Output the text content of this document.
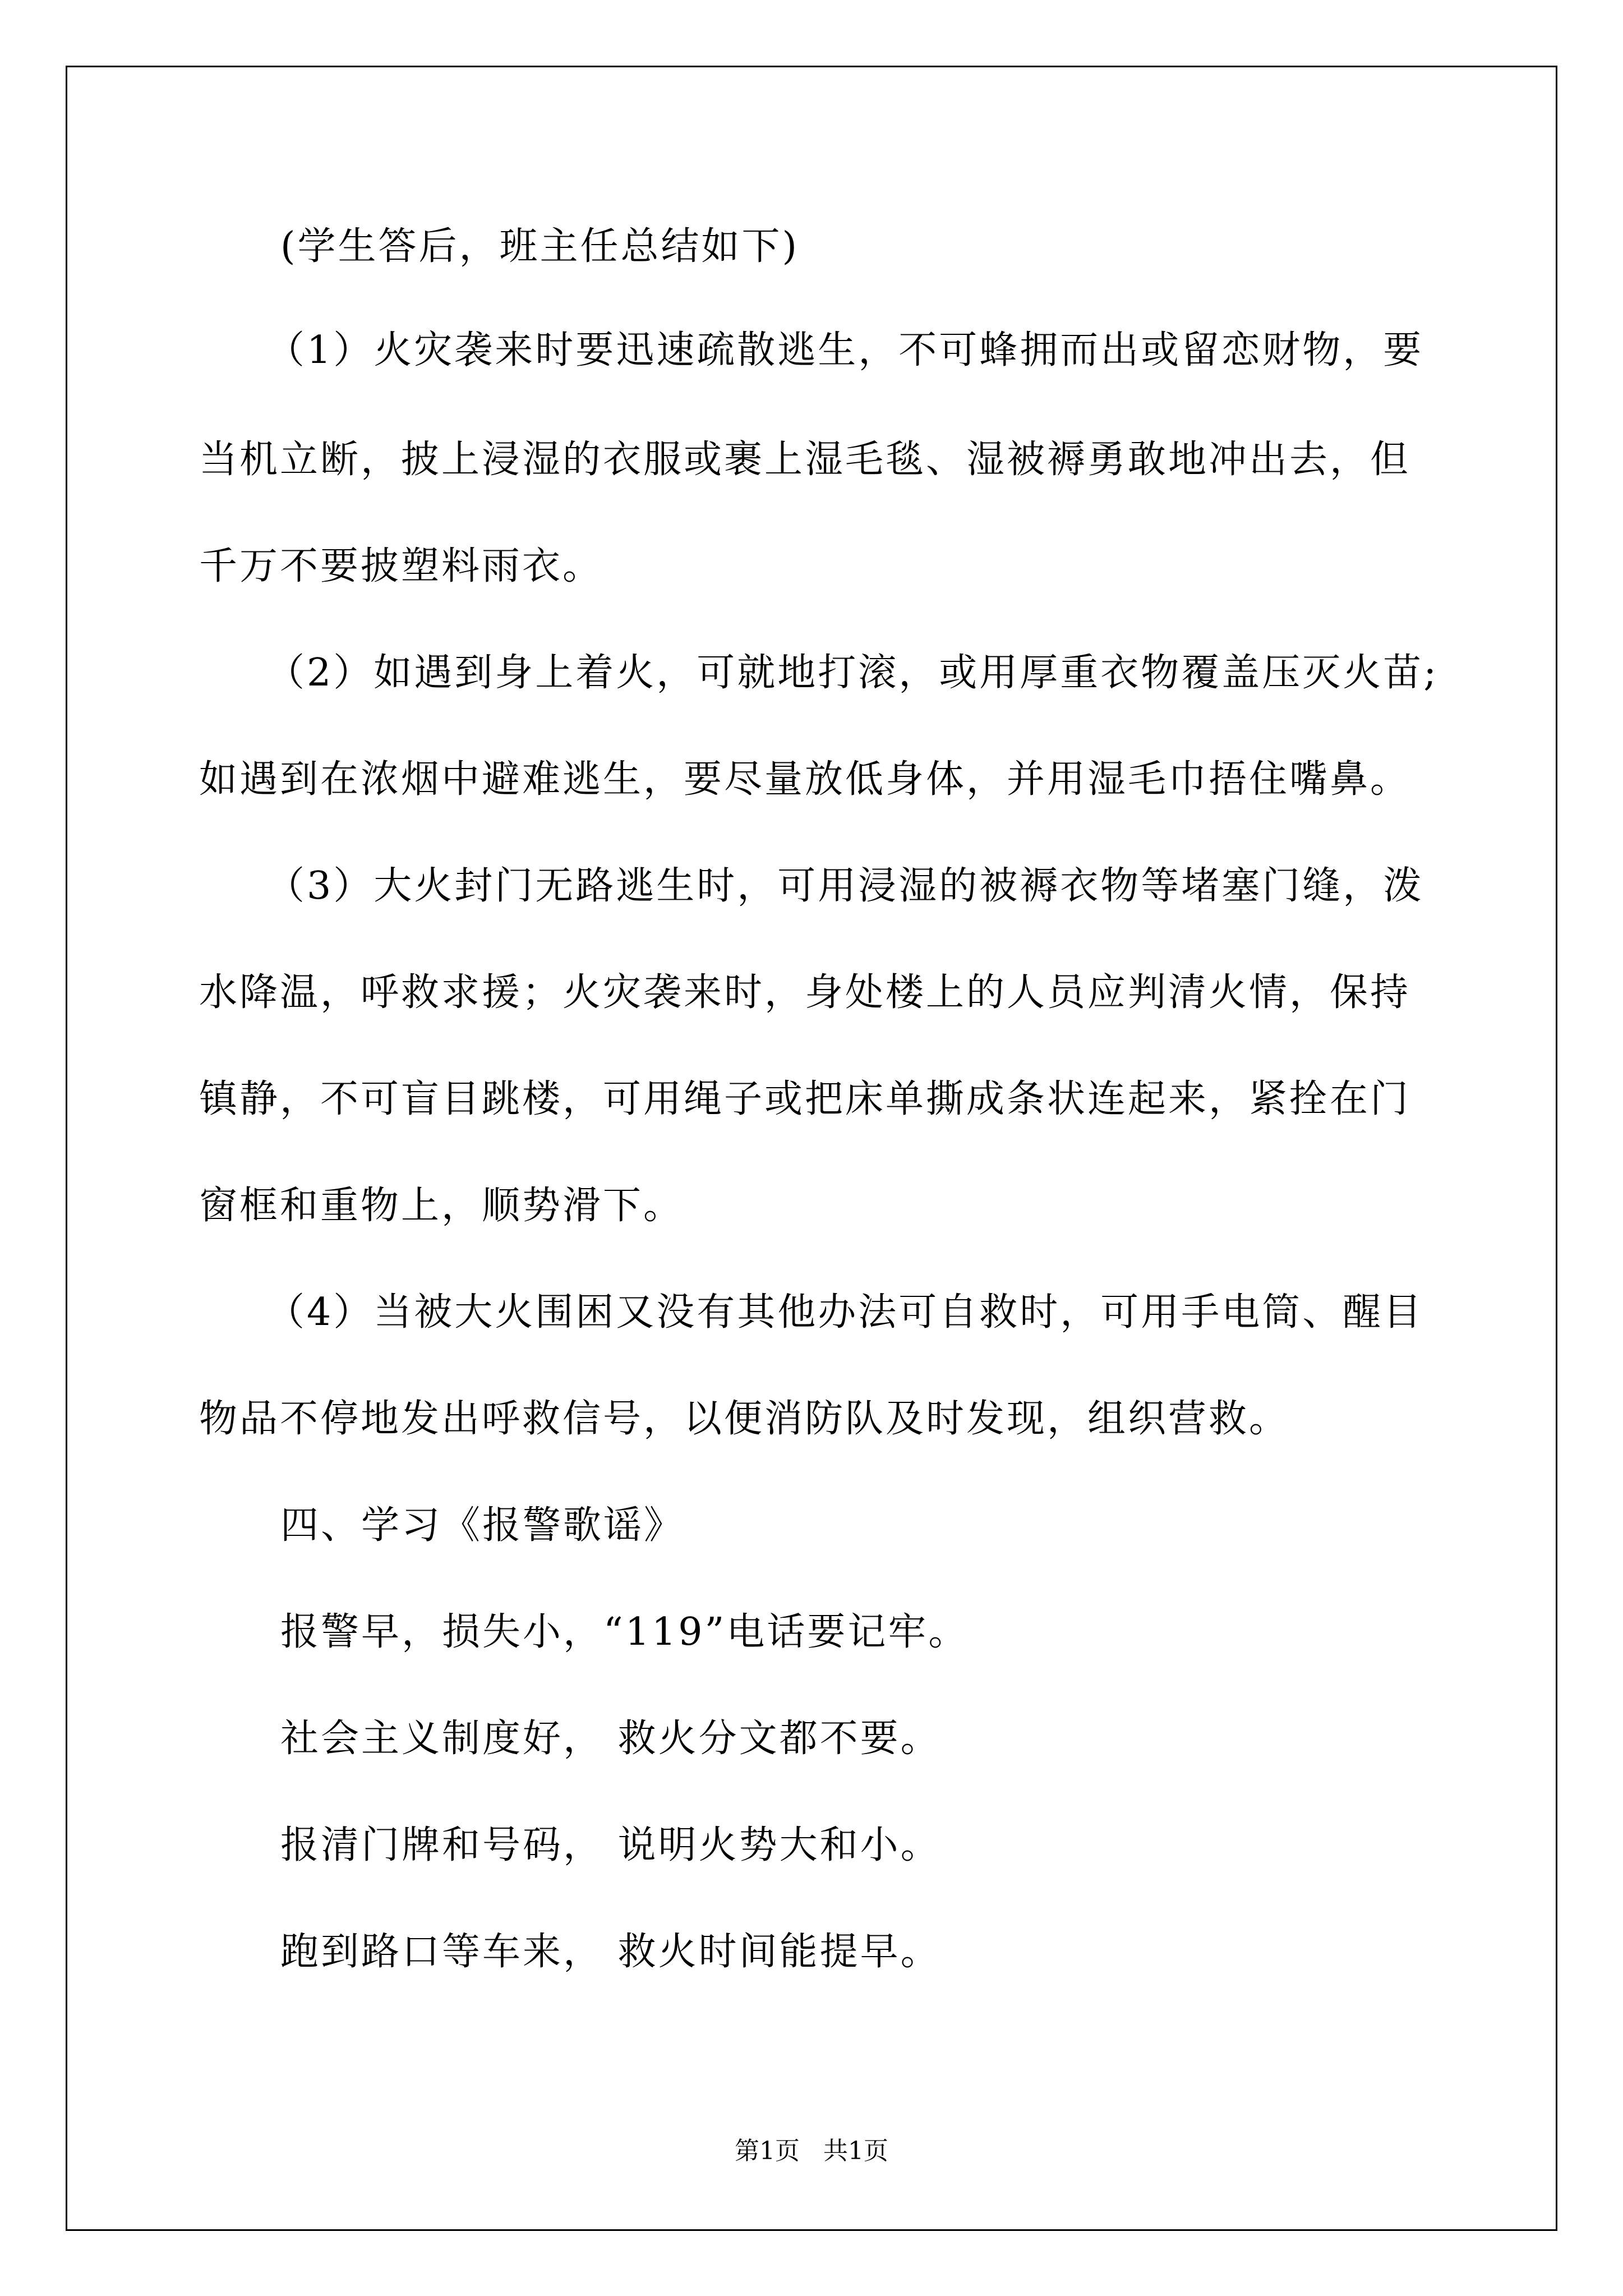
(学生答后，班主任总结如下)
（1）火灾袭来时要迅速疏散逃生，不可蜂拥而出或留恋财物，要
当机立断，披上浸湿的衣服或裹上湿毛毯、湿被褥勇敢地冲出去，但
千万不要披塑料雨衣。
（2）如遇到身上着火，可就地打滚，或用厚重衣物覆盖压灭火苗;
如遇到在浓烟中避难逃生，要尽量放低身体，并用湿毛巾捂住嘴鼻。
（3）大火封门无路逃生时，可用浸湿的被褥衣物等堵塞门缝，泼
水降温，呼救求援；火灾袭来时，身处楼上的人员应判清火情，保持
镇静，不可盲目跳楼，可用绳子或把床单撕成条状连起来，紧拴在门
窗框和重物上，顺势滑下。
（4）当被大火围困又没有其他办法可自救时，可用手电筒、醒目
物品不停地发出呼救信号，以便消防队及时发现，组织营救。
四、学习《报警歌谣》
报警早，损失小，“119”电话要记牢。
社会主义制度好， 救火分文都不要。
报清门牌和号码， 说明火势大和小。
跑到路口等车来， 救火时间能提早。
第1页   共1页
